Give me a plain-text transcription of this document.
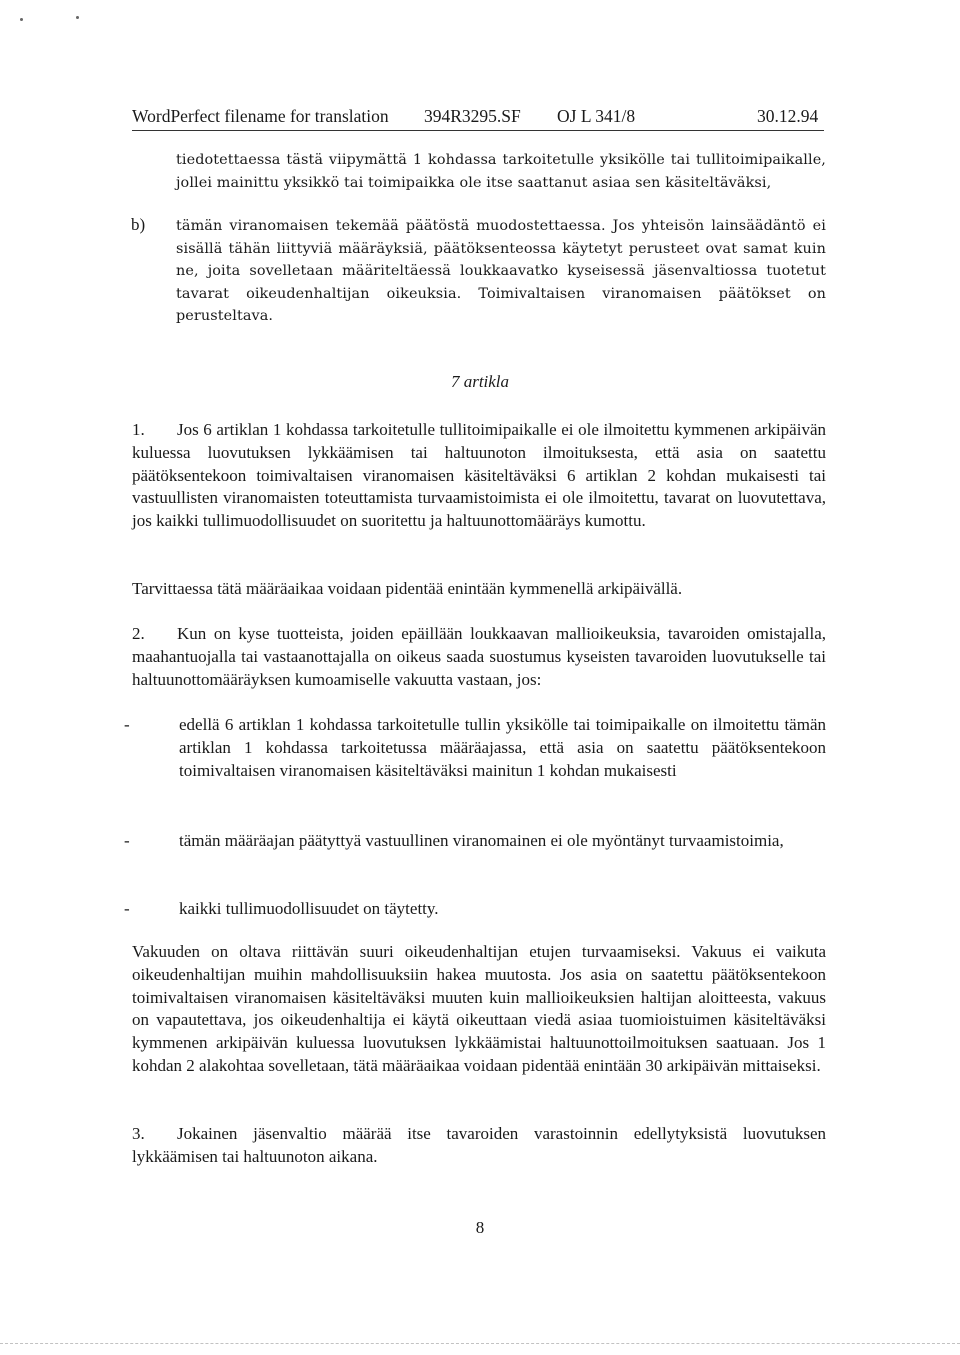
WordPerfect filename for translation 394R3295.SF OJ L 341/8	30.12.94
tiedotettaessa tästä viipymättä 1 kohdassa tarkoitetulle yksikölle tai tullitoimipaikalle, jollei mainittu yksikkö tai toimipaikka ole itse saattanut asiaa sen käsiteltäväksi,
b) tämän viranomaisen tekemää päätöstä muodostettaessa. Jos yhteisön lainsäädäntö ei sisällä tähän liittyviä määräyksiä, päätöksenteossa käytetyt perusteet ovat samat kuin ne, joita sovelletaan määriteltäessä loukkaavatko kyseisessä jäsenvaltiossa tuotetut tavarat oikeudenhaltijan oikeuksia. Toimivaltaisen viranomaisen päätökset on perusteltava.
7 artikla
1.	Jos 6 artiklan 1 kohdassa tarkoitetulle tullitoimipaikalle ei ole ilmoitettu kymmenen arkipäivän kuluessa luovutuksen lykkäämisen tai haltuunoton ilmoituksesta, että asia on saatettu päätöksentekoon toimivaltaisen viranomaisen käsiteltäväksi 6 artiklan 2 kohdan mukaisesti tai vastuullisten viranomaisten toteuttamista turvaamistoimista ei ole ilmoitettu, tavarat on luovutettava, jos kaikki tullimuodollisuudet on suoritettu ja haltuunottomääräys kumottu.
Tarvittaessa tätä määräaikaa voidaan pidentää enintään kymmenellä arkipäivällä.
2.	Kun on kyse tuotteista, joiden epäillään loukkaavan mallioikeuksia, tavaroiden omistajalla, maahantuojalla tai vastaanottajalla on oikeus saada suostumus kyseisten tavaroiden luovutukselle tai haltuunottomääräyksen kumoamiselle vakuutta vastaan, jos:
-	edellä 6 artiklan 1 kohdassa tarkoitetulle tullin yksikölle tai toimipaikalle on ilmoitettu tämän artiklan 1 kohdassa tarkoitetussa määräajassa, että asia on saatettu päätöksentekoon toimivaltaisen viranomaisen käsiteltäväksi mainitun 1 kohdan mukaisesti
-	tämän määräajan päätyttyä vastuullinen viranomainen ei ole myöntänyt turvaamistoimia,
-	kaikki tullimuodollisuudet on täytetty.
Vakuuden on oltava riittävän suuri oikeudenhaltijan etujen turvaamiseksi. Vakuus ei vaikuta oikeudenhaltijan muihin mahdollisuuksiin hakea muutosta. Jos asia on saatettu päätöksentekoon toimivaltaisen viranomaisen käsiteltäväksi muuten kuin mallioikeuksien haltijan aloitteesta, vakuus on vapautettava, jos oikeudenhaltija ei käytä oikeuttaan viedä asiaa tuomioistuimen käsiteltäväksi kymmenen arkipäivän kuluessa luovutuksen lykkäämistai haltuunottoilmoituksen saatuaan. Jos 1 kohdan 2 alakohtaa sovelletaan, tätä määräaikaa voidaan pidentää enintään 30 arkipäivän mittaiseksi.
3.	Jokainen jäsenvaltio määrää itse tavaroiden varastoinnin edellytyksistä luovutuksen lykkäämisen tai haltuunoton aikana.
8
